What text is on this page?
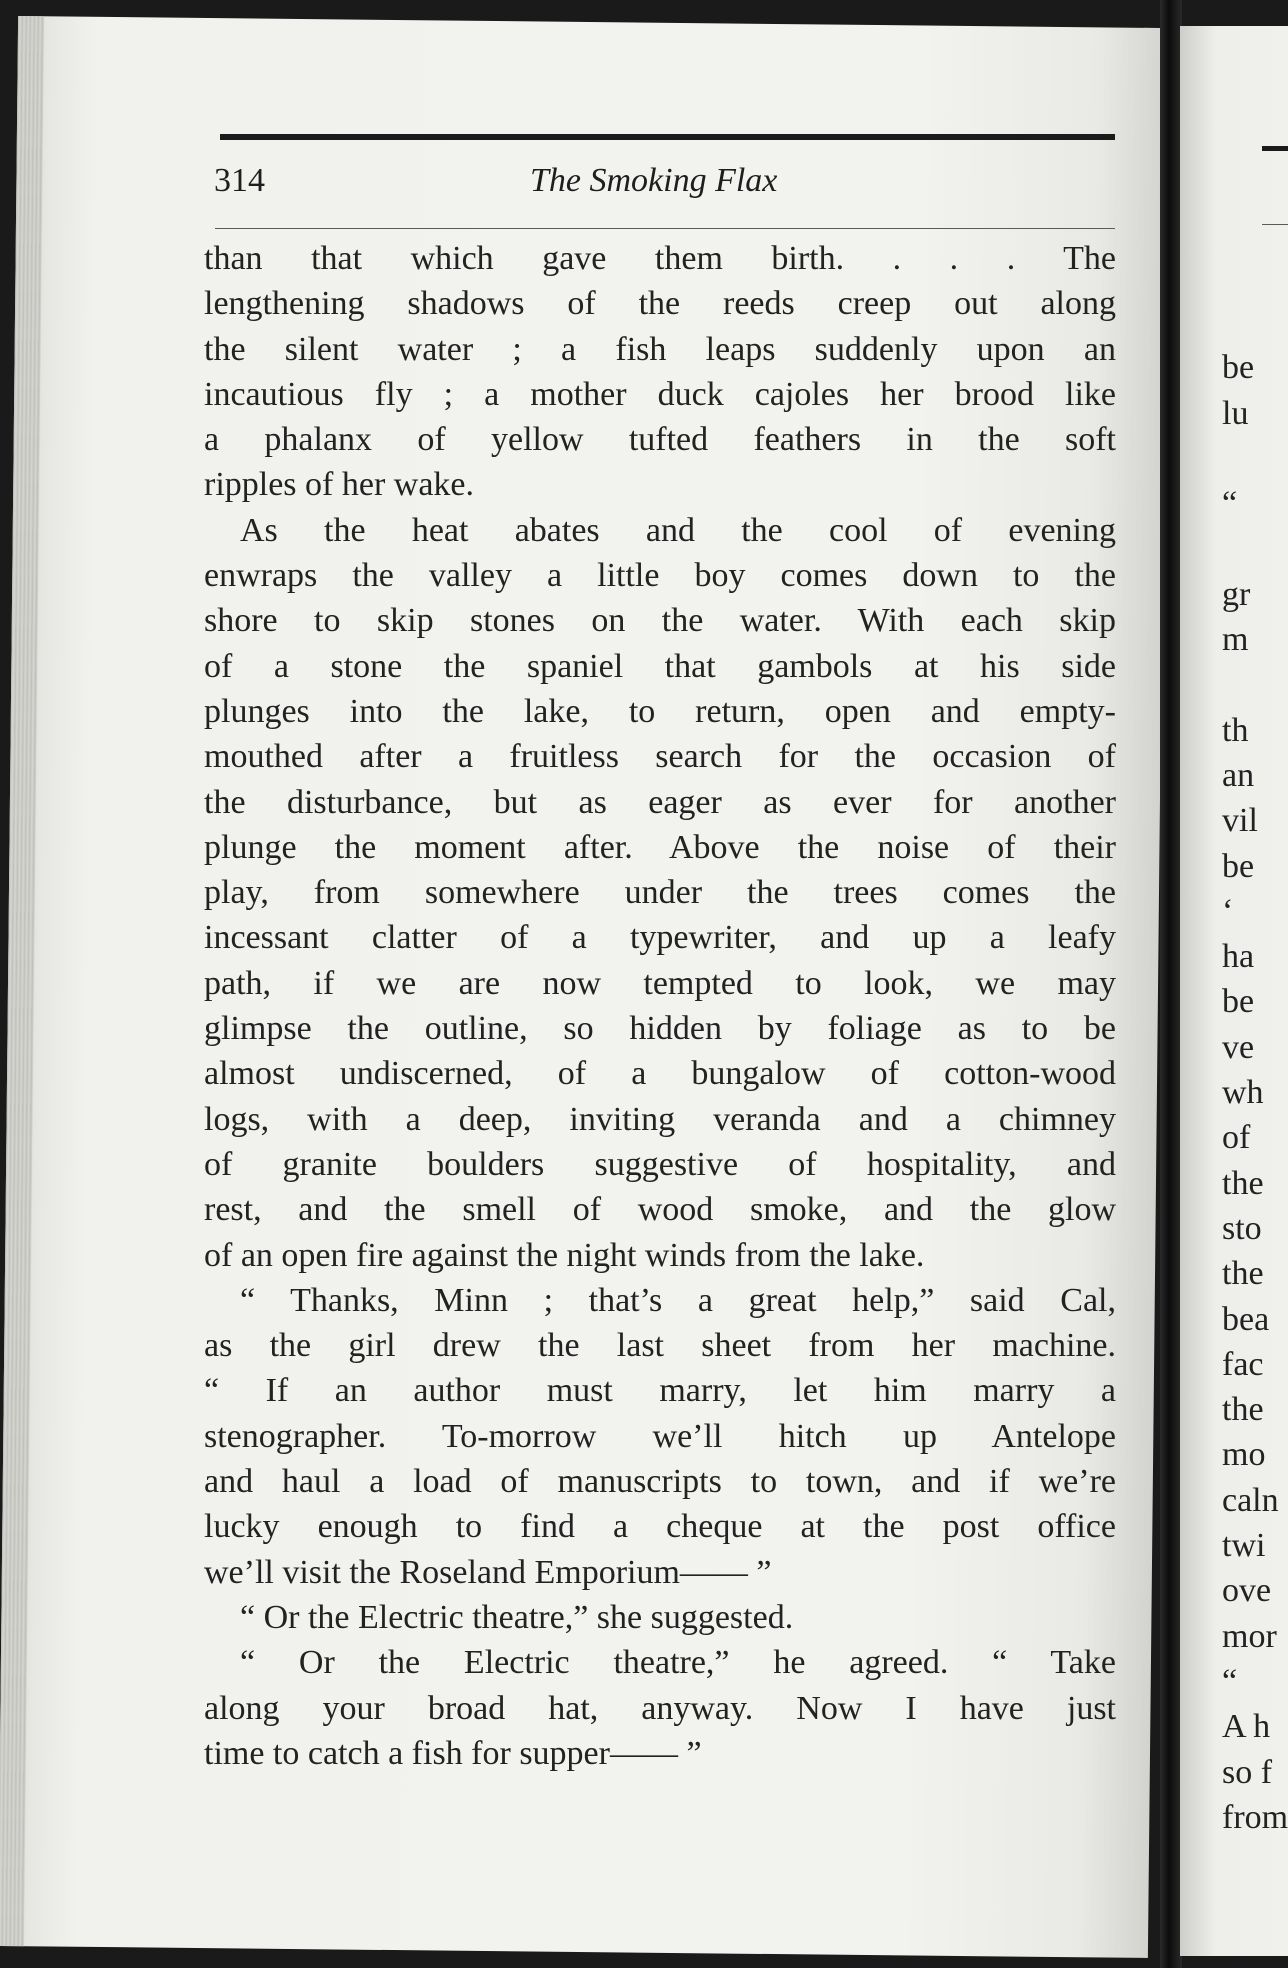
314	The Smoking Flax
than that which gave them birth. . . . The
lengthening shadows of the reeds creep out along
the silent water ; a fish leaps suddenly upon an
incautious fly ; a mother duck cajoles her brood like
a phalanx of yellow tufted feathers in the soft
ripples of her wake.
As the heat abates and the cool of evening
enwraps the valley a little boy comes down to the
shore to skip stones on the water. With each skip
of a stone the spaniel that gambols at his side
plunges into the lake, to return, open and empty-
mouthed after a fruitless search for the occasion of
the disturbance, but as eager as ever for another
plunge the moment after. Above the noise of their
play, from somewhere under the trees comes the
incessant clatter of a typewriter, and up a leafy
path, if we are now tempted to look, we may
glimpse the outline, so hidden by foliage as to be
almost undiscerned, of a bungalow of cotton-wood
logs, with a deep, inviting veranda and a chimney
of granite boulders suggestive of hospitality, and
rest, and the smell of wood smoke, and the glow
of an open fire against the night winds from the lake.
“ Thanks, Minn ; that’s a great help,” said Cal,
as the girl drew the last sheet from her machine.
“ If an author must marry, let him marry a
stenographer. To-morrow we’ll hitch up Antelope
and haul a load of manuscripts to town, and if we’re
lucky enough to find a cheque at the post office
we’ll visit the Roseland Emporium—— ”
“ Or the Electric theatre,” she suggested.
“ Or the Electric theatre,” he agreed. “ Take
along your broad hat, anyway. Now I have just
time to catch a fish for supper—— ”

be
lu

“

gr
m

th
an
vil
be
‘
ha
be
ve
wh
of
the
sto
the
bea
fac
the
mo
caln
twi
ove
mor
“
A h
so f
from
